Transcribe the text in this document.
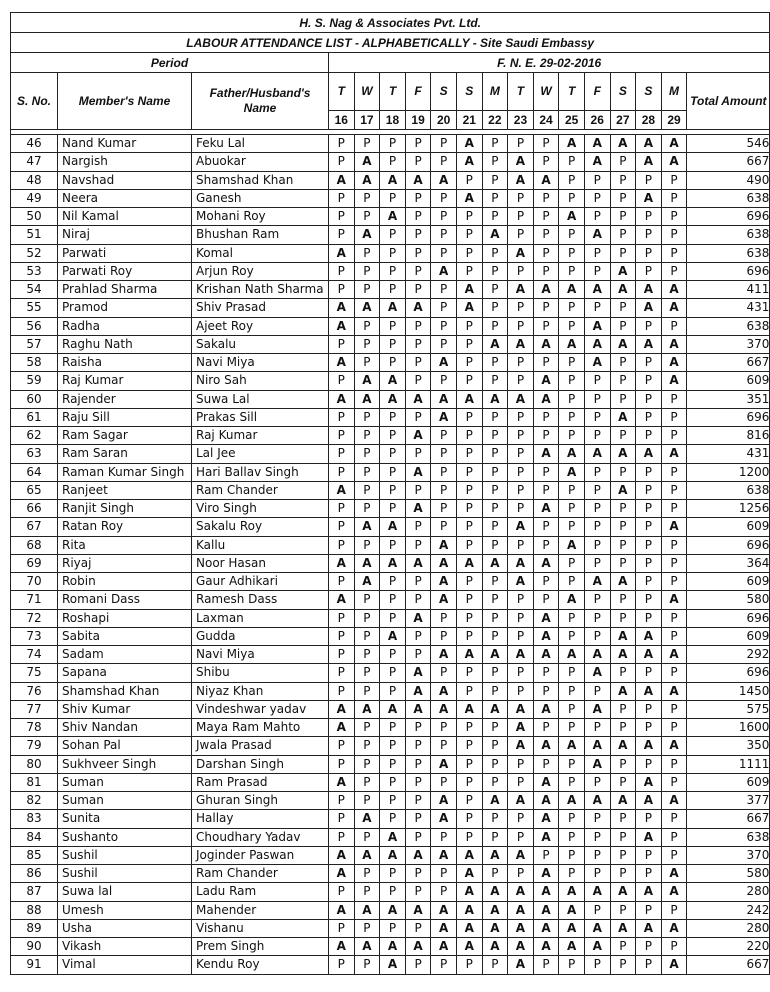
H. S. Nag & Associates Pvt. Ltd.																	
LABOUR ATTENDANCE LIST - ALPHABETICALLY - Site Saudi Embassy																	
Period			F. N. E. 29-02-2016														
S. No.	Member's Name	Father/Husband's Name	T	W	T	F	S	S	M	T	W	T	F	S	S	M	Total Amount
			16	17	18	19	20	21	22	23	24	25	26	27	28	29	

46	Nand Kumar	Feku Lal	P	P	P	P	P	A	P	P	P	A	A	A	A	A	546
47	Nargish	Abuokar	P	A	P	P	P	A	P	A	P	P	A	P	A	A	667
48	Navshad	Shamshad Khan	A	A	A	A	A	P	P	A	A	P	P	P	P	P	490
49	Neera	Ganesh	P	P	P	P	P	A	P	P	P	P	P	P	A	P	638
50	Nil Kamal	Mohani Roy	P	P	A	P	P	P	P	P	P	A	P	P	P	P	696
51	Niraj	Bhushan Ram	P	A	P	P	P	P	A	P	P	P	A	P	P	P	638
52	Parwati	Komal	A	P	P	P	P	P	P	A	P	P	P	P	P	P	638
53	Parwati Roy	Arjun Roy	P	P	P	P	A	P	P	P	P	P	P	A	P	P	696
54	Prahlad Sharma	Krishan Nath Sharma	P	P	P	P	P	A	P	A	A	A	A	A	A	A	411
55	Pramod	Shiv Prasad	A	A	A	A	P	A	P	P	P	P	P	P	A	A	431
56	Radha	Ajeet Roy	A	P	P	P	P	P	P	P	P	P	A	P	P	P	638
57	Raghu Nath	Sakalu	P	P	P	P	P	P	A	A	A	A	A	A	A	A	370
58	Raisha	Navi Miya	A	P	P	P	A	P	P	P	P	P	A	P	P	A	667
59	Raj Kumar	Niro Sah	P	A	A	P	P	P	P	P	A	P	P	P	P	A	609
60	Rajender	Suwa Lal	A	A	A	A	A	A	A	A	A	P	P	P	P	P	351
61	Raju Sill	Prakas Sill	P	P	P	P	A	P	P	P	P	P	P	A	P	P	696
62	Ram Sagar	Raj Kumar	P	P	P	A	P	P	P	P	P	P	P	P	P	P	816
63	Ram Saran	Lal Jee	P	P	P	P	P	P	P	P	A	A	A	A	A	A	431
64	Raman Kumar Singh	Hari Ballav Singh	P	P	P	A	P	P	P	P	P	A	P	P	P	P	1200
65	Ranjeet	Ram Chander	A	P	P	P	P	P	P	P	P	P	P	A	P	P	638
66	Ranjit Singh	Viro Singh	P	P	P	A	P	P	P	P	A	P	P	P	P	P	1256
67	Ratan Roy	Sakalu Roy	P	A	A	P	P	P	P	A	P	P	P	P	P	A	609
68	Rita	Kallu	P	P	P	P	A	P	P	P	P	A	P	P	P	P	696
69	Riyaj	Noor Hasan	A	A	A	A	A	A	A	A	A	P	P	P	P	P	364
70	Robin	Gaur Adhikari	P	A	P	P	A	P	P	A	P	P	A	A	P	P	609
71	Romani Dass	Ramesh Dass	A	P	P	P	A	P	P	P	P	A	P	P	P	A	580
72	Roshapi	Laxman	P	P	P	A	P	P	P	P	A	P	P	P	P	P	696
73	Sabita	Gudda	P	P	A	P	P	P	P	P	A	P	P	A	A	P	609
74	Sadam	Navi Miya	P	P	P	P	A	A	A	A	A	A	A	A	A	A	292
75	Sapana	Shibu	P	P	P	A	P	P	P	P	P	P	A	P	P	P	696
76	Shamshad Khan	Niyaz Khan	P	P	P	A	A	P	P	P	P	P	P	A	A	A	1450
77	Shiv Kumar	Vindeshwar yadav	A	A	A	A	A	A	A	A	A	P	A	P	P	P	575
78	Shiv Nandan	Maya Ram Mahto	A	P	P	P	P	P	P	A	P	P	P	P	P	P	1600
79	Sohan Pal	Jwala Prasad	P	P	P	P	P	P	P	A	A	A	A	A	A	A	350
80	Sukhveer Singh	Darshan Singh	P	P	P	P	A	P	P	P	P	P	A	P	P	P	1111
81	Suman	Ram Prasad	A	P	P	P	P	P	P	P	A	P	P	P	A	P	609
82	Suman	Ghuran Singh	P	P	P	P	A	P	A	A	A	A	A	A	A	A	377
83	Sunita	Hallay	P	A	P	P	A	P	P	P	A	P	P	P	P	P	667
84	Sushanto	Choudhary Yadav	P	P	A	P	P	P	P	P	A	P	P	P	A	P	638
85	Sushil	Joginder Paswan	A	A	A	A	A	A	A	A	P	P	P	P	P	P	370
86	Sushil	Ram Chander	A	P	P	P	P	A	P	P	A	P	P	P	P	A	580
87	Suwa lal	Ladu Ram	P	P	P	P	P	A	A	A	A	A	A	A	A	A	280
88	Umesh	Mahender	A	A	A	A	A	A	A	A	A	A	P	P	P	P	242
89	Usha	Vishanu	P	P	P	P	A	A	A	A	A	A	A	A	A	A	280
90	Vikash	Prem Singh	A	A	A	A	A	A	A	A	A	A	A	P	P	P	220
91	Vimal	Kendu Roy	P	P	A	P	P	P	P	A	P	P	P	P	P	A	667
